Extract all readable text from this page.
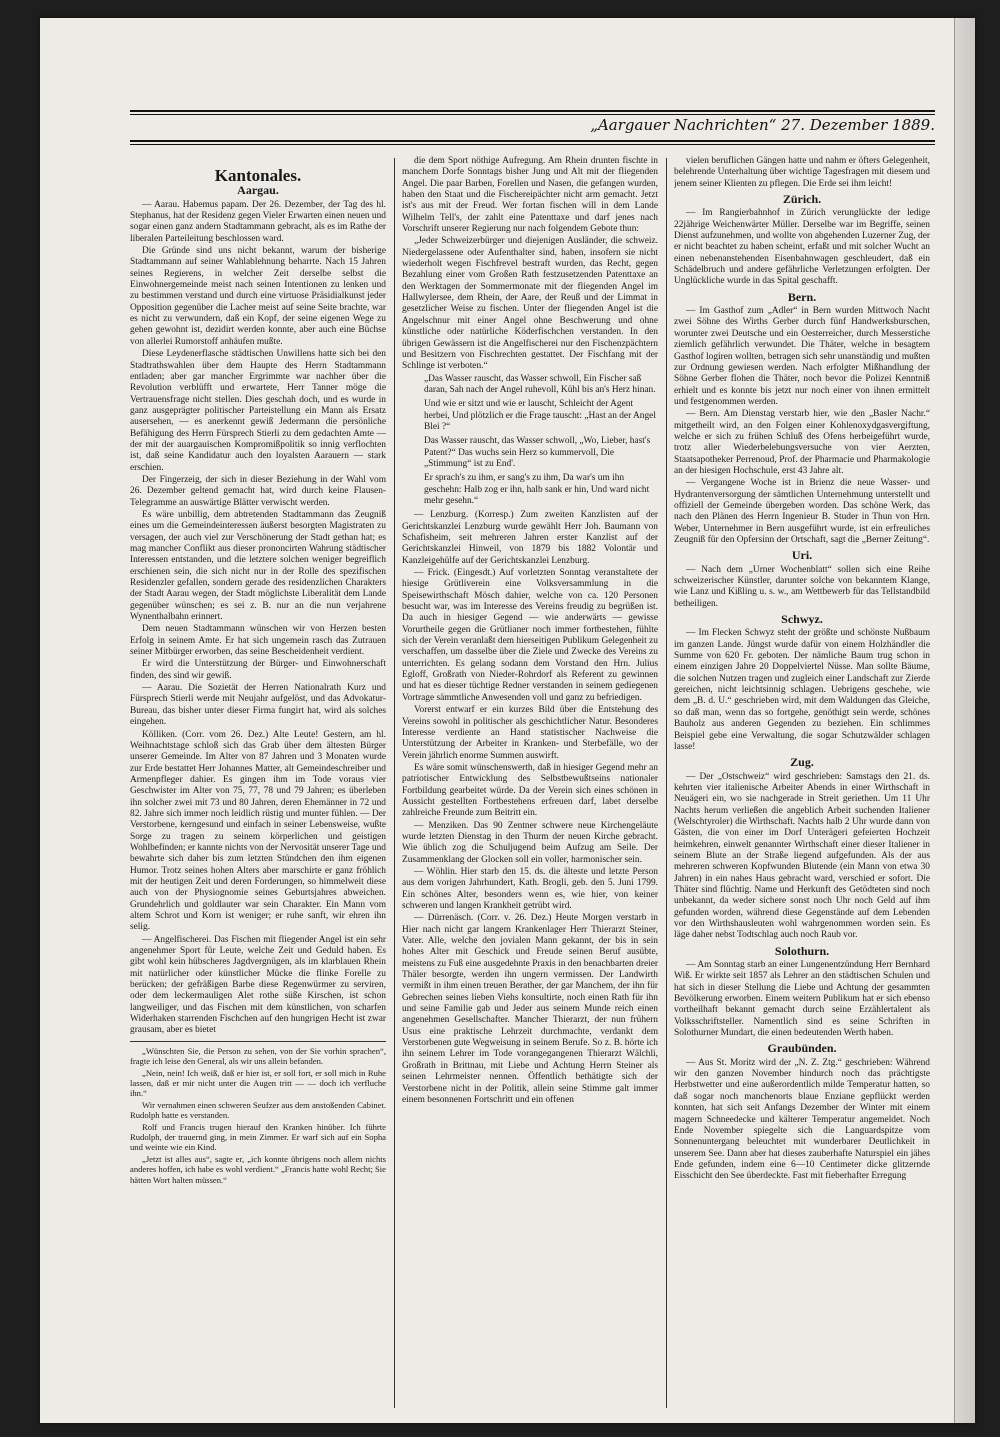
„Aargauer Nachrichten“ 27. Dezember 1889.
Kantonales.
Aargau.

— Aarau. Habemus papam. Der 26. Dezember, der Tag des hl. Stephanus, hat der Residenz gegen Vieler Erwarten einen neuen und sogar einen ganz andern Stadtammann gebracht, als es im Rathe der liberalen Parteileitung beschlossen ward.

Die Gründe sind uns nicht bekannt, warum der bisherige Stadtammann auf seiner Wahlablehnung beharrte. Nach 15 Jahren seines Regierens, in welcher Zeit derselbe selbst die Einwohnergemeinde meist nach seinen Intentionen zu lenken und zu bestimmen verstand und durch eine virtuose Präsidialkunst jeder Opposition gegenüber die Lacher meist auf seine Seite brachte, war es nicht zu verwundern, daß ein Kopf, der seine eigenen Wege zu gehen gewohnt ist, dezidirt werden konnte, aber auch eine Büchse von allerlei Rumorstoff anhäufen mußte.

Diese Leydenerflasche städtischen Unwillens hatte sich bei den Stadtrathswahlen über dem Haupte des Herrn Stadtammann entladen; aber gar mancher Ergrimmte war nachher über die Revolution verblüfft und erwartete, Herr Tanner möge die Vertrauensfrage nicht stellen. Dies geschah doch, und es wurde in ganz ausgeprägter politischer Parteistellung ein Mann als Ersatz ausersehen, — es anerkennt gewiß Jedermann die persönliche Befähigung des Herrn Fürsprech Stierli zu dem gedachten Amte — der mit der auargauischen Kompromißpolitik so innig verflochten ist, daß seine Kandidatur auch den loyalsten Aarauern — stark erschien.

Der Fingerzeig, der sich in dieser Beziehung in der Wahl vom 26. Dezember geltend gemacht hat, wird durch keine Flausen-Telegramme an auswärtige Blätter verwischt werden.

Es wäre unbillig, dem abtretenden Stadtammann das Zeugniß eines um die Gemeindeinteressen äußerst besorgten Magistraten zu versagen, der auch viel zur Verschönerung der Stadt gethan hat; es mag mancher Conflikt aus dieser prononcirten Wahrung städtischer Interessen entstanden, und die letztere solchen weniger begreiflich erschienen sein, die sich nicht nur in der Rolle des spezifischen Residenzler gefallen, sondern gerade des residenzlichen Charakters der Stadt Aarau wegen, der Stadt möglichste Liberalität dem Lande gegenüber wünschen; es sei z. B. nur an die nun verjahrene Wynenthalbahn erinnert.

Dem neuen Stadtammann wünschen wir von Herzen besten Erfolg in seinem Amte. Er hat sich ungemein rasch das Zutrauen seiner Mitbürger erworben, das seine Bescheidenheit verdient.

Er wird die Unterstützung der Bürger- und Einwohnerschaft finden, des sind wir gewiß.

— Aarau. Die Sozietät der Herren Nationalrath Kurz und Fürsprech Stierli werde mit Neujahr aufgelöst, und das Advokatur-Bureau, das bisher unter dieser Firma fungirt hat, wird als solches eingehen.

Kölliken. (Corr. vom 26. Dez.) Alte Leute! Gestern, am hl. Weihnachtstage schloß sich das Grab über dem ältesten Bürger unserer Gemeinde. Im Alter von 87 Jahren und 3 Monaten wurde zur Erde bestattet Herr Johannes Matter, alt Gemeindeschreiber und Armenpfleger dahier. Es gingen ihm im Tode voraus vier Geschwister im Alter von 75, 77, 78 und 79 Jahren; es überleben ihn solcher zwei mit 73 und 80 Jahren, deren Ehemänner in 72 und 82. Jahre sich immer noch leidlich rüstig und munter fühlen. — Der Verstorbene, kerngesund und einfach in seiner Lebensweise, wußte Sorge zu tragen zu seinem körperlichen und geistigen Wohlbefinden; er kannte nichts von der Nervosität unserer Tage und bewahrte sich daher bis zum letzten Stündchen den ihm eigenen Humor. Trotz seines hohen Alters aber marschirte er ganz fröhlich mit der heutigen Zeit und deren Forderungen, so himmelweit diese auch von der Physiognomie seines Geburtsjahres abweichen. Grundehrlich und goldlauter war sein Charakter. Ein Mann vom altem Schrot und Korn ist weniger; er ruhe sanft, wir ehren ihn selig.

— Angelfischerei. Das Fischen mit fliegender Angel ist ein sehr angenehmer Sport für Leute, welche Zeit und Geduld haben. Es gibt wohl kein hübscheres Jagdvergnügen, als im klarblauen Rhein mit natürlicher oder künstlicher Mücke die flinke Forelle zu berücken; der gefräßigen Barbe diese Regenwürmer zu serviren, oder dem leckermauligen Alet rothe süße Kirschen, ist schon langweiliger, und das Fischen mit dem künstlichen, von scharfen Widerhaken starrenden Fischchen auf den hungrigen Hecht ist zwar grausam, aber es bietet

„Wünschten Sie, die Person zu sehen, von der Sie vorhin sprachen“, fragte ich leise den General, als wir uns allein befanden.

„Nein, nein! Ich weiß, daß er hier ist, er soll fort, er soll mich in Ruhe lassen, daß er mir nicht unter die Augen tritt — — doch ich verfluche ihn.“

Wir vernahmen einen schweren Seufzer aus dem anstoßenden Cabinet. Rudolph hatte es verstanden.

Rolf und Francis trugen hierauf den Kranken hinüber. Ich führte Rudolph, der trauernd ging, in mein Zimmer. Er warf sich auf ein Sopha und weinte wie ein Kind.

„Jetzt ist alles aus“, sagte er, „ich konnte übrigens noch allem nichts anderes hoffen, ich habe es wohl verdient.“ „Francis hatte wohl Recht; Sie hätten Wort halten müssen.“

die dem Sport nöthige Aufregung. Am Rhein drunten fischte in manchem Dorfe Sonntags bisher Jung und Alt mit der fliegenden Angel. Die paar Barben, Forellen und Nasen, die gefangen wurden, haben den Staat und die Fischereipächter nicht arm gemacht. Jetzt ist's aus mit der Freud. Wer fortan fischen will in dem Lande Wilhelm Tell's, der zahlt eine Patenttaxe und darf jenes nach Vorschrift unserer Regierung nur nach folgendem Gebote thun:

„Jeder Schweizerbürger und diejenigen Ausländer, die schweiz. Niedergelassene oder Aufenthalter sind, haben, insofern sie nicht wiederholt wegen Fischfrevel bestraft wurden, das Recht, gegen Bezahlung einer vom Großen Rath festzusetzenden Patenttaxe an den Werktagen der Sommermonate mit der fliegenden Angel im Hallwylersee, dem Rhein, der Aare, der Reuß und der Limmat in gesetzlicher Weise zu fischen. Unter der fliegenden Angel ist die Angelschnur mit einer Angel ohne Beschwerung und ohne künstliche oder natürliche Köderfischchen verstanden. In den übrigen Gewässern ist die Angelfischerei nur den Fischenzpächtern und Besitzern von Fischrechten gestattet. Der Fischfang mit der Schlinge ist verboten.“

„Das Wasser rauscht, das Wasser schwoll, Ein Fischer saß daran, Sah nach der Angel ruhevoll, Kühl bis an's Herz hinan.

Und wie er sitzt und wie er lauscht, Schleicht der Agent herbei, Und plötzlich er die Frage tauscht: „Hast an der Angel Blei ?“

Das Wasser rauscht, das Wasser schwoll, „Wo, Lieber, hast's Patent?“ Das wuchs sein Herz so kummervoll, Die „Stimmung“ ist zu End'.

Er sprach's zu ihm, er sang's zu ihm, Da war's um ihn geschehn: Halb zog er ihn, halb sank er hin, Und ward nicht mehr gesehn.“

— Lenzburg. (Korresp.) Zum zweiten Kanzlisten auf der Gerichtskanzlei Lenzburg wurde gewählt Herr Joh. Baumann von Schafisheim, seit mehreren Jahren erster Kanzlist auf der Gerichtskanzlei Hinweil, von 1879 bis 1882 Volontär und Kanzleigehülfe auf der Gerichtskanzlei Lenzburg.

— Frick. (Eingesdt.) Auf vorletzten Sonntag veranstaltete der hiesige Grütliverein eine Volksversammlung in die Speisewirthschaft Mösch dahier, welche von ca. 120 Personen besucht war, was im Interesse des Vereins freudig zu begrüßen ist. Da auch in hiesiger Gegend — wie anderwärts — gewisse Vorurtheile gegen die Grütlianer noch immer fortbestehen, fühlte sich der Verein veranlaßt dem hierseitigen Publikum Gelegenheit zu verschaffen, um dasselbe über die Ziele und Zwecke des Vereins zu unterrichten. Es gelang sodann dem Vorstand den Hrn. Julius Egloff, Großrath von Nieder-Rohrdorf als Referent zu gewinnen und hat es dieser tüchtige Redner verstanden in seinem gediegenen Vortrage sämmtliche Anwesenden voll und ganz zu befriedigen.

Vorerst entwarf er ein kurzes Bild über die Entstehung des Vereins sowohl in politischer als geschichtlicher Natur. Besonderes Interesse verdiente an Hand statistischer Nachweise die Unterstützung der Arbeiter in Kranken- und Sterbefälle, wo der Verein jährlich enorme Summen auswirft.

Es wäre somit wünschenswerth, daß in hiesiger Gegend mehr an patriotischer Entwicklung des Selbstbewußtseins nationaler Fortbildung gearbeitet würde. Da der Verein sich eines schönen in Aussicht gestellten Fortbestehens erfreuen darf, labet derselbe zahlreiche Freunde zum Beitritt ein.

— Menziken. Das 90 Zentner schwere neue Kirchengeläute wurde letzten Dienstag in den Thurm der neuen Kirche gebracht. Wie üblich zog die Schuljugend beim Aufzug am Seile. Der Zusammenklang der Glocken soll ein voller, harmonischer sein.

— Wöhlin. Hier starb den 15. ds. die älteste und letzte Person aus dem vorigen Jahrhundert, Kath. Brogli, geb. den 5. Juni 1799. Ein schönes Alter, besonders wenn es, wie hier, von keiner schweren und langen Krankheit getrübt wird.

— Dürrenäsch. (Corr. v. 26. Dez.) Heute Morgen verstarb in Hier nach nicht gar langem Krankenlager Herr Thierarzt Steiner, Vater. Alle, welche den jovialen Mann gekannt, der bis in sein hohes Alter mit Geschick und Freude seinen Beruf ausübte, meistens zu Fuß eine ausgedehnte Praxis in den benachbarten dreier Thäler besorgte, werden ihn ungern vermissen. Der Landwirth vermißt in ihm einen treuen Berather, der gar Manchem, der ihn für Gebrechen seines lieben Viehs konsultirte, noch einen Rath für ihn und seine Familie gab und Jeder aus seinem Munde reich einen angenehmen Gesellschafter. Mancher Thierarzt, der nun frühern Usus eine praktische Lehrzeit durchmachte, verdankt dem Verstorbenen gute Wegweisung in seinem Berufe. So z. B. hörte ich ihn seinem Lehrer im Tode vorangegangenen Thierarzt Wälchli, Großrath in Brittnau, mit Liebe und Achtung Herrn Steiner als seinen Lehrmeister nennen. Öffentlich bethätigte sich der Verstorbene nicht in der Politik, allein seine Stimme galt immer einem besonnenen Fortschritt und ein offenen

vielen beruflichen Gängen hatte und nahm er öfters Gelegenheit, belehrende Unterhaltung über wichtige Tagesfragen mit diesem und jenem seiner Klienten zu pflegen. Die Erde sei ihm leicht!

Zürich.

— Im Rangierbahnhof in Zürich verunglückte der ledige 22jährige Weichenwärter Müller. Derselbe war im Begriffe, seinen Dienst aufzunehmen, und wollte von abgehenden Luzerner Zug, der er nicht beachtet zu haben scheint, erfaßt und mit solcher Wucht an einen nebenanstehenden Eisenbahnwagen geschleudert, daß ein Schädelbruch und andere gefährliche Verletzungen erfolgten. Der Unglückliche wurde in das Spital geschafft.

Bern.

— Im Gasthof zum „Adler“ in Bern wurden Mittwoch Nacht zwei Söhne des Wirths Gerber durch fünf Handwerksburschen, worunter zwei Deutsche und ein Oesterreicher, durch Messerstiche ziemlich gefährlich verwundet. Die Thäter, welche in besagtem Gasthof logiren wollten, betragen sich sehr unanständig und mußten zur Ordnung gewiesen werden. Nach erfolgter Mißhandlung der Söhne Gerber flohen die Thäter, noch bevor die Polizei Kenntniß erhielt und es konnte bis jetzt nur noch einer von ihnen ermittelt und festgenommen werden.

— Bern. Am Dienstag verstarb hier, wie den „Basler Nachr.“ mitgetheilt wird, an den Folgen einer Kohlenoxydgasvergiftung, welche er sich zu frühen Schluß des Ofens herbeigeführt wurde, trotz aller Wiederbelebungsversuche von vier Aerzten, Staatsapotheker Perrenoud, Prof. der Pharmacie und Pharmakologie an der hiesigen Hochschule, erst 43 Jahre alt.

— Vergangene Woche ist in Brienz die neue Wasser- und Hydrantenversorgung der sämtlichen Unternehmung unterstellt und offiziell der Gemeinde übergeben worden. Das schöne Werk, das nach den Plänen des Herrn Ingenieur B. Studer in Thun von Hrn. Weber, Unternehmer in Bern ausgeführt wurde, ist ein erfreuliches Zeugniß für den Opfersinn der Ortschaft, sagt die „Berner Zeitung“.

Uri.

— Nach dem „Urner Wochenblatt“ sollen sich eine Reihe schweizerischer Künstler, darunter solche von bekanntem Klange, wie Lanz und Kißling u. s. w., am Wettbewerb für das Tellstandbild betheiligen.

Schwyz.

— Im Flecken Schwyz steht der größte und schönste Nußbaum im ganzen Lande. Jüngst wurde dafür von einem Holzhändler die Summe von 620 Fr. geboten. Der nämliche Baum trug schon in einem einzigen Jahre 20 Doppelviertel Nüsse. Man sollte Bäume, die solchen Nutzen tragen und zugleich einer Landschaft zur Zierde gereichen, nicht leichtsinnig schlagen. Uebrigens geschehe, wie dem „B. d. U.“ geschrieben wird, mit dem Waldungen das Gleiche, so daß man, wenn das so fortgehe, genöthigt sein werde, schönes Bauholz aus anderen Gegenden zu beziehen. Ein schlimmes Beispiel gebe eine Verwaltung, die sogar Schutzwälder schlagen lasse!

Zug.

— Der „Ostschweiz“ wird geschrieben: Samstags den 21. ds. kehrten vier italienische Arbeiter Abends in einer Wirthschaft in Neuägeri ein, wo sie nachgerade in Streit geriethen. Um 11 Uhr Nachts herum verließen die angeblich Arbeit suchenden Italiener (Welschtyroler) die Wirthschaft. Nachts halb 2 Uhr wurde dann von Gästen, die von einer im Dorf Unterägeri gefeierten Hochzeit heimkehren, einwelt genannter Wirthschaft einer dieser Italiener in seinem Blute an der Straße liegend aufgefunden. Als der aus mehreren schweren Kopfwunden Blutende (ein Mann von etwa 30 Jahren) in ein nahes Haus gebracht ward, verschied er sofort. Die Thäter sind flüchtig. Name und Herkunft des Getödteten sind noch unbekannt, da weder sichere sonst noch Uhr noch Geld auf ihm gefunden worden, während diese Gegenstände auf dem Lebenden vor den Wirthshausleuten wohl wahrgenommen worden sein. Es läge daher nebst Todtschlag auch noch Raub vor.

Solothurn.

— Am Sonntag starb an einer Lungenentzündung Herr Bernhard Wiß. Er wirkte seit 1857 als Lehrer an den städtischen Schulen und hat sich in dieser Stellung die Liebe und Achtung der gesammten Bevölkerung erworben. Einem weitern Publikum hat er sich ebenso vortheilhaft bekannt gemacht durch seine Erzählertalent als Volksschriftsteller. Namentlich sind es seine Schriften in Solothurner Mundart, die einen bedeutenden Werth haben.

Graubünden.

— Aus St. Moritz wird der „N. Z. Ztg.“ geschrieben: Während wir den ganzen November hindurch noch das prächtigste Herbstwetter und eine außerordentlich milde Temperatur hatten, so daß sogar noch manchenorts blaue Enziane gepflückt werden konnten, hat sich seit Anfangs Dezember der Winter mit einem magern Schneedecke und kälterer Temperatur angemeldet. Noch Ende November spiegelte sich die Languardspitze vom Sonnenuntergang beleuchtet mit wunderbarer Deutlichkeit in unserem See. Dann aber hat dieses zauberhafte Naturspiel ein jähes Ende gefunden, indem eine 6—10 Centimeter dicke glitzernde Eisschicht den See überdeckte. Fast mit fieberhafter Erregung
